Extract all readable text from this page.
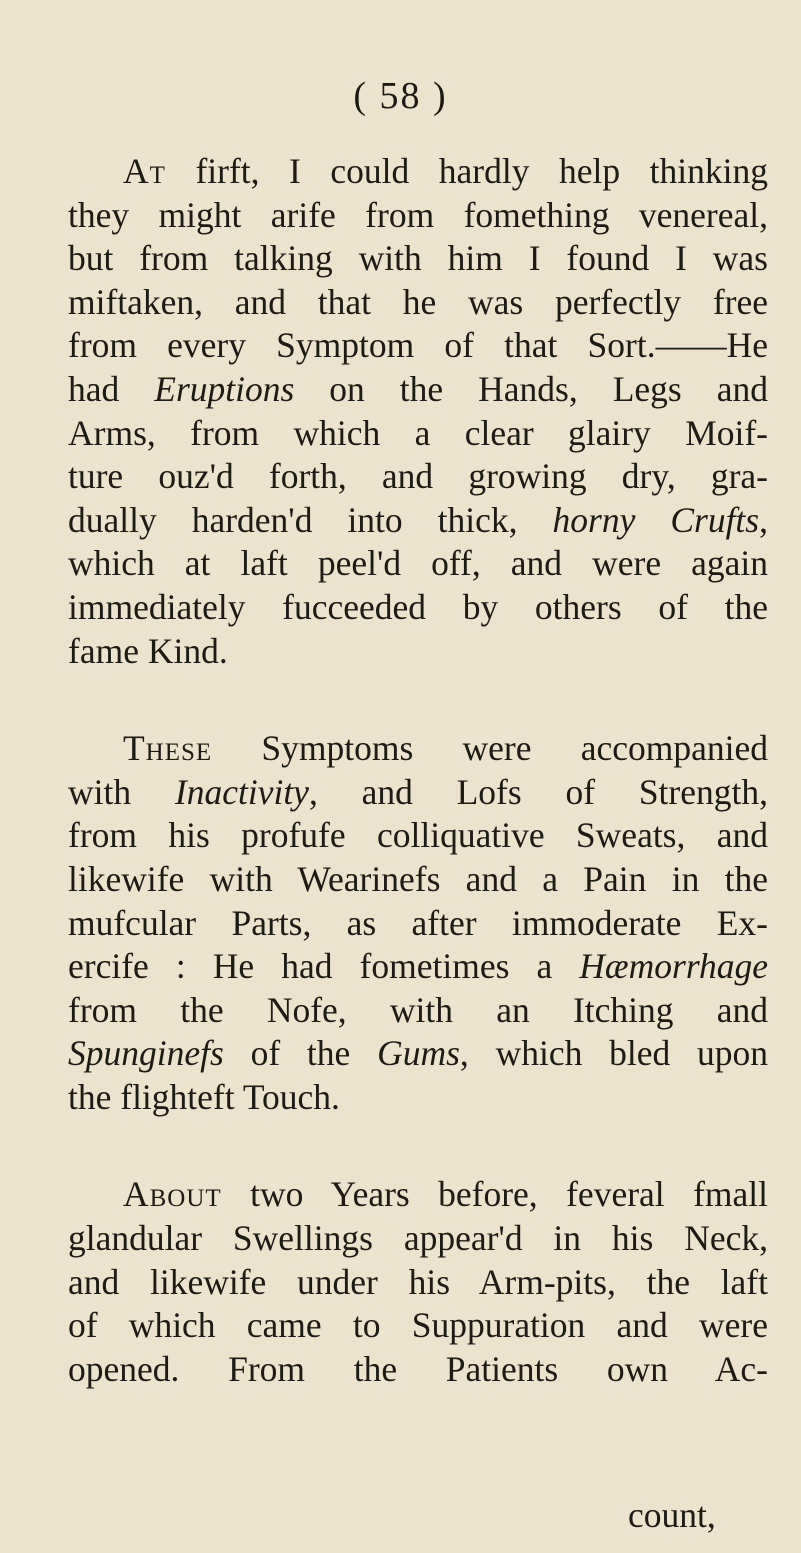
( 58 )
At firft, I could hardly help thinking
they might arife from fomething venereal,
but from talking with him I found I was
miftaken, and that he was perfectly free
from every Symptom of that Sort.——He
had Eruptions on the Hands, Legs and
Arms, from which a clear glairy Moif-
ture ouz'd forth, and growing dry, gra-
dually harden'd into thick, horny Crufts,
which at laft peel'd off, and were again
immediately fucceeded by others of the
fame Kind.
These Symptoms were accompanied
with Inactivity, and Lofs of Strength,
from his profufe colliquative Sweats, and
likewife with Wearinefs and a Pain in the
mufcular Parts, as after immoderate Ex-
ercife : He had fometimes a Hæmorrhage
from the Nofe, with an Itching and
Spunginefs of the Gums, which bled upon
the flighteft Touch.
About two Years before, feveral fmall
glandular Swellings appear'd in his Neck,
and likewife under his Arm-pits, the laft
of which came to Suppuration and were
opened. From the Patients own Ac-
count,
